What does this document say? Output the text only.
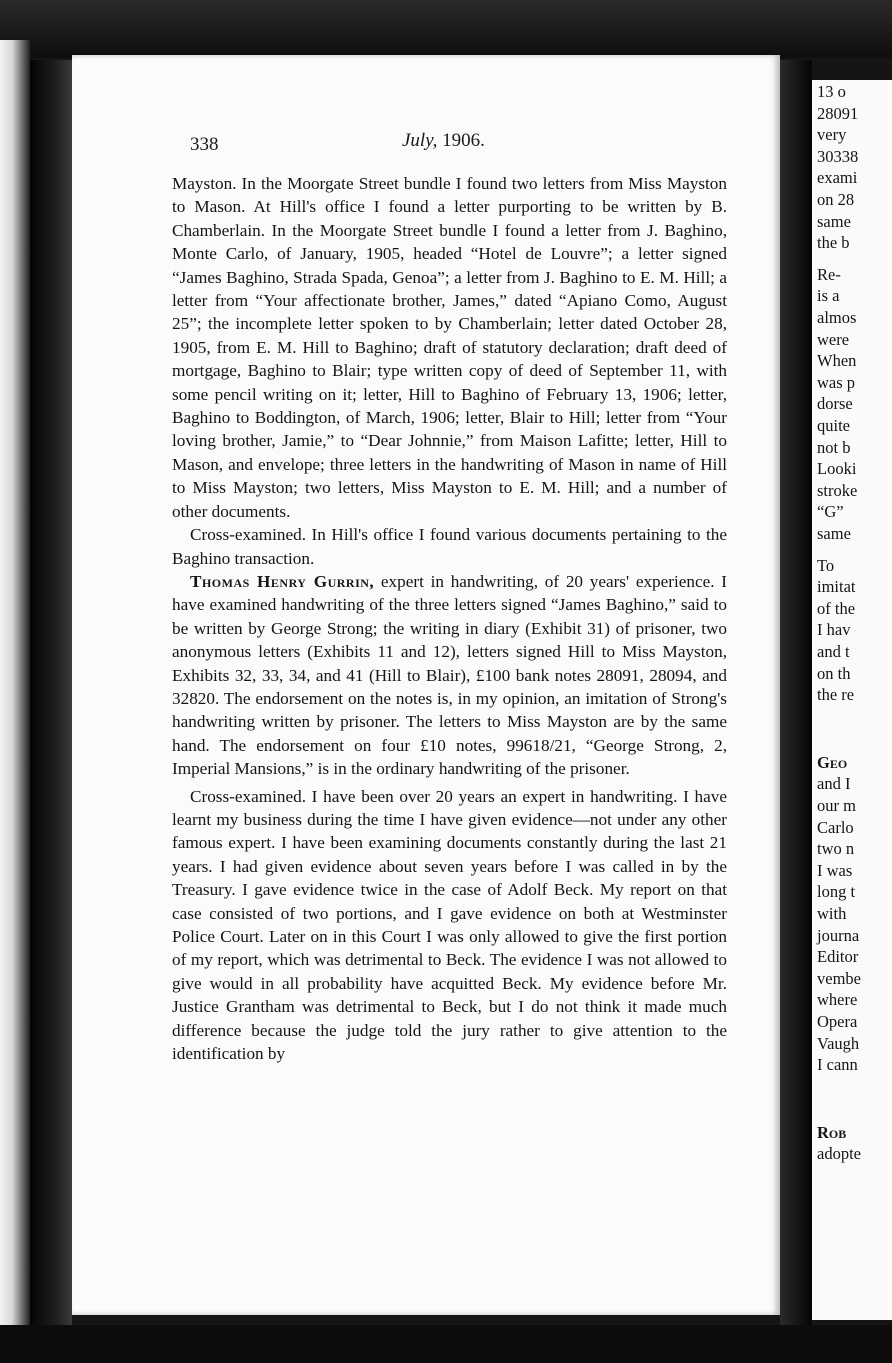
338	July, 1906.

Mayston. In the Moorgate Street bundle I found two letters from Miss Mayston to Mason. At Hill's office I found a letter purporting to be written by B. Chamberlain. In the Moorgate Street bundle I found a letter from J. Baghino, Monte Carlo, of January, 1905, headed “Hotel de Louvre”; a letter signed “James Baghino, Strada Spada, Genoa”; a letter from J. Baghino to E. M. Hill; a letter from “Your affectionate brother, James,” dated “Apiano Como, August 25”; the incomplete letter spoken to by Chamberlain; letter dated October 28, 1905, from E. M. Hill to Baghino; draft of statutory declaration; draft deed of mortgage, Baghino to Blair; type written copy of deed of September 11, with some pencil writing on it; letter, Hill to Baghino of February 13, 1906; letter, Baghino to Boddington, of March, 1906; letter, Blair to Hill; letter from “Your loving brother, Jamie,” to “Dear Johnnie,” from Maison Lafitte; letter, Hill to Mason, and envelope; three letters in the handwriting of Mason in name of Hill to Miss Mayston; two letters, Miss Mayston to E. M. Hill; and a number of other documents.

Cross-examined. In Hill's office I found various documents pertaining to the Baghino transaction.

Thomas Henry Gurrin, expert in handwriting, of 20 years' experience. I have examined handwriting of the three letters signed “James Baghino,” said to be written by George Strong; the writing in diary (Exhibit 31) of prisoner, two anonymous letters (Exhibits 11 and 12), letters signed Hill to Miss Mayston, Exhibits 32, 33, 34, and 41 (Hill to Blair), £100 bank notes 28091, 28094, and 32820. The endorsement on the notes is, in my opinion, an imitation of Strong's handwriting written by prisoner. The letters to Miss Mayston are by the same hand. The endorsement on four £10 notes, 99618/21, “George Strong, 2, Imperial Mansions,” is in the ordinary handwriting of the prisoner.

Cross-examined. I have been over 20 years an expert in handwriting. I have learnt my business during the time I have given evidence—not under any other famous expert. I have been examining documents constantly during the last 21 years. I had given evidence about seven years before I was called in by the Treasury. I gave evidence twice in the case of Adolf Beck. My report on that case consisted of two portions, and I gave evidence on both at Westminster Police Court. Later on in this Court I was only allowed to give the first portion of my report, which was detrimental to Beck. The evidence I was not allowed to give would in all probability have acquitted Beck. My evidence before Mr. Justice Grantham was detrimental to Beck, but I do not think it made much difference because the judge told the jury rather to give attention to the identification by

13 o
28091
very
30338
exami
on 28
same
the b
Re-
is a
almos
were
When
was p
dorse
quite
not b
Looki
stroke
“G”
same
To
imitat
of the
I hav
and t
on th
the re
Geo
and I
our m
Carlo
two n
I was
long t
with
journa
Editor
vembe
where
Opera
Vaugh
I cann
Rob
adopte
